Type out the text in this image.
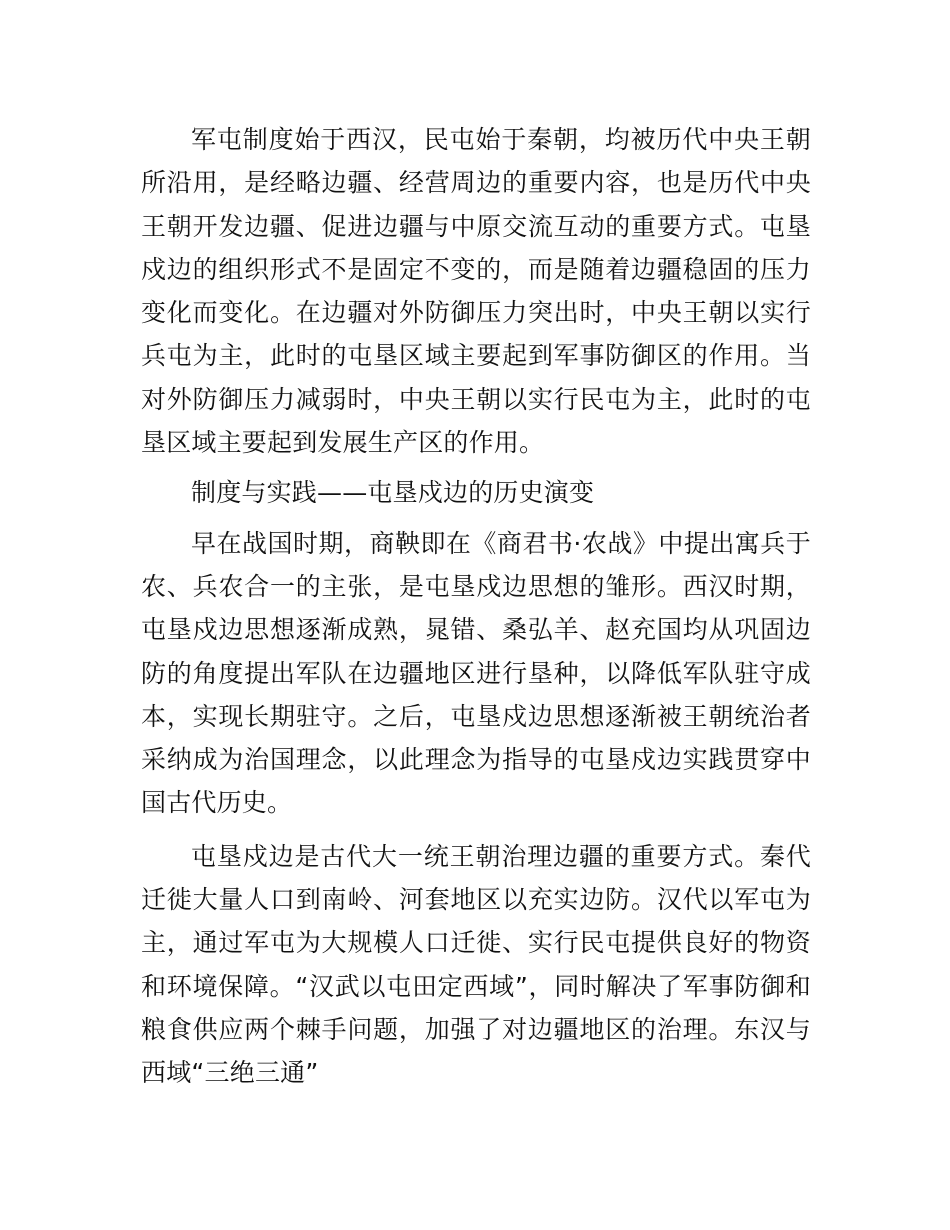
军屯制度始于西汉，民屯始于秦朝，均被历代中央王朝所沿用，是经略边疆、经营周边的重要内容，也是历代中央王朝开发边疆、促进边疆与中原交流互动的重要方式。屯垦戍边的组织形式不是固定不变的，而是随着边疆稳固的压力变化而变化。在边疆对外防御压力突出时，中央王朝以实行兵屯为主，此时的屯垦区域主要起到军事防御区的作用。当对外防御压力减弱时，中央王朝以实行民屯为主，此时的屯垦区域主要起到发展生产区的作用。

制度与实践——屯垦戍边的历史演变

早在战国时期，商鞅即在《商君书·农战》中提出寓兵于农、兵农合一的主张，是屯垦戍边思想的雏形。西汉时期，屯垦戍边思想逐渐成熟，晁错、桑弘羊、赵充国均从巩固边防的角度提出军队在边疆地区进行垦种，以降低军队驻守成本，实现长期驻守。之后，屯垦戍边思想逐渐被王朝统治者采纳成为治国理念，以此理念为指导的屯垦戍边实践贯穿中国古代历史。

屯垦戍边是古代大一统王朝治理边疆的重要方式。秦代迁徙大量人口到南岭、河套地区以充实边防。汉代以军屯为主，通过军屯为大规模人口迁徙、实行民屯提供良好的物资和环境保障。“汉武以屯田定西域”，同时解决了军事防御和粮食供应两个棘手问题，加强了对边疆地区的治理。东汉与西域“三绝三通”
